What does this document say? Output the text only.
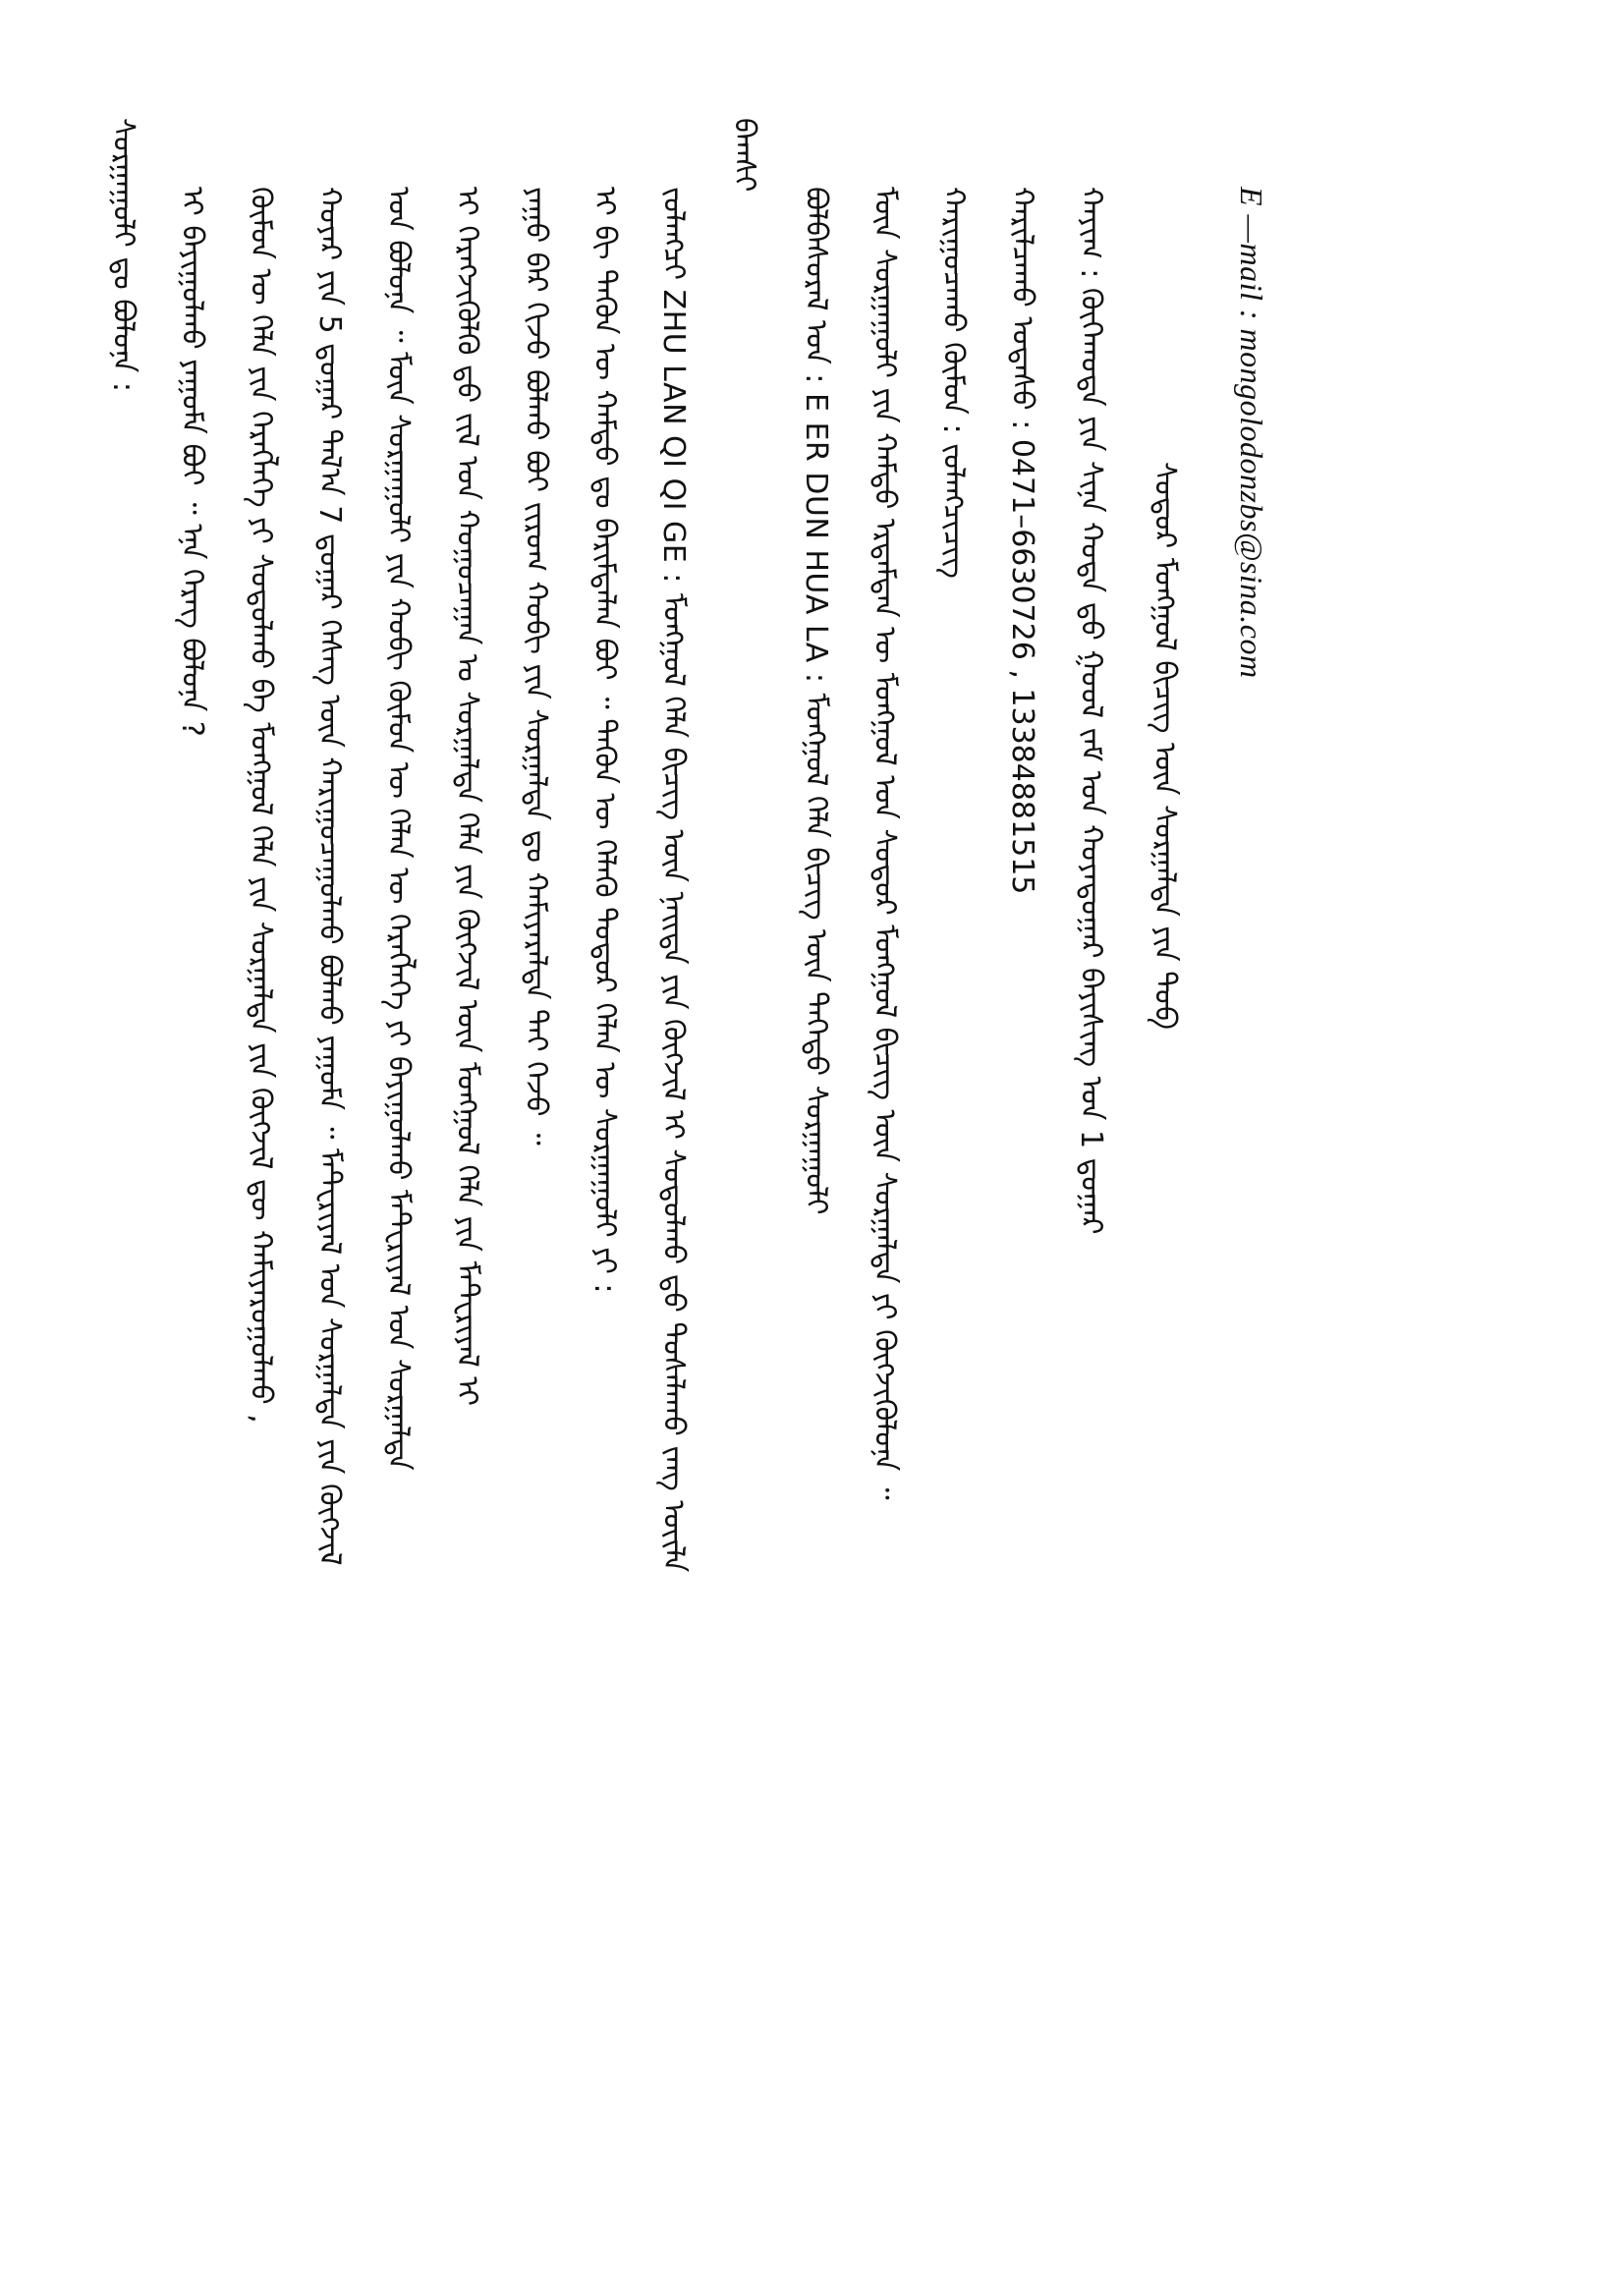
E —mail : mongolodonzbs@sina.com
ᠰᠣᠳᠤᠷ ᠮᠣᠩᠭᠣᠯ ᠪᠢᠴᠢᠭ ᠦᠨ ᠰᠤᠷᠭᠠᠯᠲᠠ ᠶᠢᠨ ᠲᠣᠪ
ᠬᠠᠶᠢᠭ : ᠬᠥᠬᠡᠬᠣᠲᠠ ᠶᠢᠨ ᠰᠢᠨᠡ ᠬᠣᠲᠠ ᠳ᠋ᠦ ᠭᠣᠤᠯ ᠵᠠᠮ ᠤᠨ ᠬᠣᠶᠠᠳᠤᠭᠠᠷ ᠪᠠᠶᠢᠰᠢᠩ ᠤᠨ 1 ᠳ᠋ᠤᠭᠠᠷ
ᠬᠠᠷᠢᠯᠴᠠᠬᠤ ᠤᠲᠠᠰᠤ : 0471–6630726 , 13384881515
ᠬᠠᠷᠢᠭᠤᠴᠠᠬᠤ ᠬᠦᠮᠦᠨ : ᠵᠤᠯᠠᠩᠴᠢᠴᠢᠭ᠌
ᠮᠥᠨ ᠰᠤᠷᠭᠠᠭᠤᠯᠢ ᠶᠢᠨ ᠬᠠᠮᠲᠤ ᠡᠷᠳᠡᠮᠲᠡᠨ ᠦ ᠮᠣᠩᠭᠣᠯ ᠤᠨ ᠰᠣᠳᠤᠷ ᠮᠣᠩᠭᠣᠯ ᠪᠢᠴᠢᠭ ᠦᠨ ᠰᠤᠷᠭᠠᠯᠲᠠ ᠶᠢ ᠬᠥᠭᠵᠢᠭᠦᠯᠦᠨᠡ ᠃
ᠪᠣᠯᠪᠠᠰᠤᠷᠠᠯ ᠤᠨ : E ER DUN HUA LA : ᠮᠣᠩᠭᠣᠯ ᠬᠡᠯᠡ ᠪᠢᠴᠢᠭ ᠦᠨ ᠳᠡᠭᠡᠳᠦ ᠰᠤᠷᠭᠠᠭᠤᠯᠢ
ᠪᠠᠭᠰᠢ
ᠵᠤᠯᠠᠩᠴᠢ ZHU LAN QI QI GE : ᠮᠣᠩᠭᠣᠯ ᠬᠡᠯᠡ ᠪᠢᠴᠢᠭ ᠦᠨ ᠨᠡᠢᠲᠡ ᠶᠢᠨ ᠬᠥᠭᠵᠢᠯ ᠢ ᠰᠤᠳᠤᠯᠬᠤ ᠳ᠋ᠤ ᠲᠤᠰᠠᠯᠠᠬᠤ ᠵᠠᠩ ᠦᠢᠯᠡ
ᠢ ᠪᠢ ᠲᠡᠭᠦᠨ ᠦ ᠬᠠᠮᠲᠤ ᠳᠤ ᠪᠠᠷᠢᠮᠲᠠᠯᠠᠨ ᠪᠤᠢ ᠃ ᠲᠡᠭᠦᠨ ᠦ ᠬᠡᠯᠡᠬᠦ ᠳᠣᠲᠣᠷ ᠬᠡᠯᠡᠨ ᠦ ᠰᠤᠷᠭᠠᠭᠤᠯᠢ ᠶᠢ :
ᠶᠠᠭᠤ ᠪᠠᠷ ᠬᠢᠵᠦ ᠪᠣᠯᠬᠤ ᠪᠣᠢ ᠵᠢᠷᠤᠭ ᠬᠤᠪᠢ ᠶᠢᠨ ᠰᠤᠷᠭᠠᠯᠲᠠ ᠳᠤ ᠬᠠᠮᠢᠶᠠᠷᠠᠯᠲᠠ ᠲᠠᠢ ᠭᠡᠵᠦ ᠃
ᠢ ᠬᠡᠷᠡᠭᠵᠢᠭᠦᠯᠬᠦ ᠳ᠋ᠤ ᠵᠢᠯ ᠤᠨ ᠬᠤᠭᠤᠴᠠᠭᠠᠨ ᠤ ᠰᠤᠷᠭᠠᠯᠲᠠ ᠬᠡᠯᠡ ᠶᠢᠨ ᠬᠥᠭᠵᠢᠯ ᠦᠨ ᠮᠣᠩᠭᠣᠯ ᠬᠡᠯᠡ ᠶᠢᠨ ᠮᠠᠲ᠋ᠧᠷᠢᠶᠠᠯ ᠢ
ᠤᠨ ᠪᠣᠯᠤᠨᠠ ᠃ ᠮᠥᠨ ᠰᠤᠷᠭᠠᠭᠤᠯᠢ ᠶᠢᠨ ᠬᠤᠪᠢ ᠬᠥᠮᠦᠨ ᠦ ᠬᠡᠯᠡᠨ ᠦ ᠬᠡᠷᠡᠭᠯᠡᠭᠡ ᠶᠢ ᠪᠠᠶᠢᠭᠤᠯᠬᠤ ᠮᠠᠲ᠋ᠧᠷᠢᠶᠠᠯ ᠤᠨ ᠰᠤᠷᠭᠠᠯᠲᠠ
ᠬᠣᠶᠠᠷ ᠶᠢᠨ 5 ᠳ᠋ᠤᠭᠠᠷ ᠲᠠᠯ᠎ᠠ 7 ᠳ᠋ᠤᠭᠠᠷ ᠬᠡᠰᠡᠭ ᠦᠨ ᠬᠠᠷᠢᠭᠤᠴᠠᠭᠤᠯᠬᠤ ᠪᠣᠯᠬᠤ ᠶᠠᠭᠤᠮᠠ ᠃ ᠮᠠᠲ᠋ᠧᠷᠢᠶᠠᠯ ᠤᠨ ᠰᠤᠷᠭᠠᠯᠲᠠ ᠶᠢᠨ ᠬᠥᠭᠵᠢᠯ
ᠬᠥᠮᠦᠨ ᠦ ᠬᠡᠯᠡ ᠶᠢᠨ ᠬᠡᠷᠡᠭᠯᠡᠭᠡ ᠶᠢ ᠰᠤᠳᠤᠯᠬᠤ ᠪᠠ ᠮᠣᠩᠭᠣᠯ ᠬᠡᠯᠡ ᠶᠢᠨ ᠰᠤᠷᠭᠠᠯᠲᠠ ᠶᠢᠨ ᠬᠥᠭᠵᠢᠯ ᠳᠦ ᠬᠠᠮᠢᠶᠠᠷᠤᠭᠤᠯᠬᠤ ,
ᠢ ᠪᠠᠶᠢᠭᠤᠯᠬᠤ ᠶᠠᠭᠤᠮᠠ ᠪᠤᠢ ᠃ ᠡᠨᠡ ᠬᠡᠷᠡᠭ ᠪᠣᠯᠤᠨᠠ ?
ᠰᠤᠷᠭᠠᠭᠤᠯᠢ ᠳᠤ ᠪᠣᠯᠤᠨᠠ :
